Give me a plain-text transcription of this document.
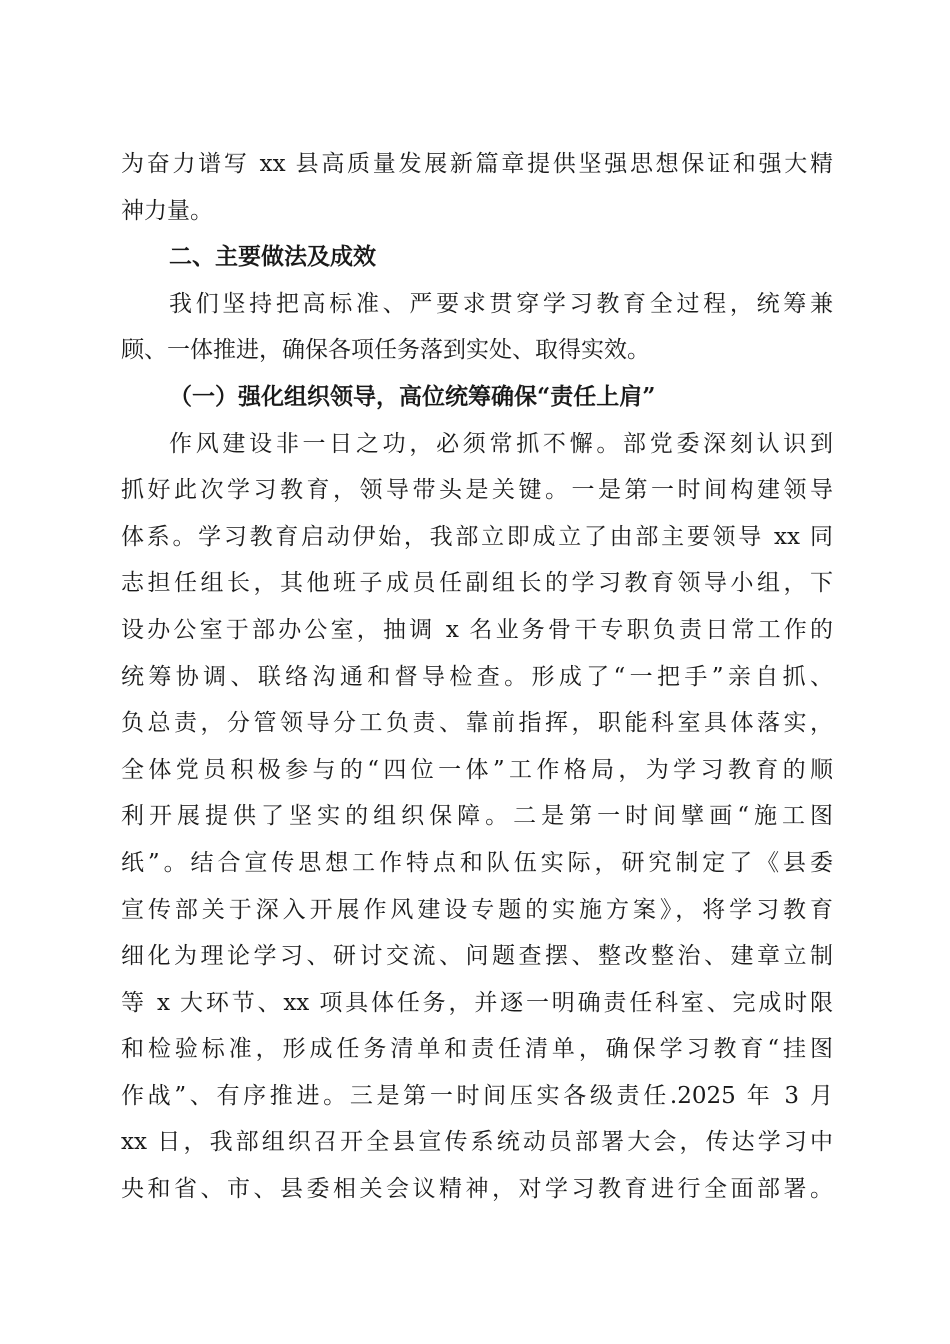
为奋力谱写 xx 县高质量发展新篇章提供坚强思想保证和强大精
神力量。
二、主要做法及成效
我们坚持把高标准、严要求贯穿学习教育全过程，统筹兼
顾、一体推进，确保各项任务落到实处、取得实效。
（一）强化组织领导，高位统筹确保“责任上肩”
作风建设非一日之功，必须常抓不懈。部党委深刻认识到
抓好此次学习教育，领导带头是关键。一是第一时间构建领导
体系。学习教育启动伊始，我部立即成立了由部主要领导 xx 同
志担任组长，其他班子成员任副组长的学习教育领导小组，下
设办公室于部办公室，抽调 x 名业务骨干专职负责日常工作的
统筹协调、联络沟通和督导检查。形成了“一把手”亲自抓、
负总责，分管领导分工负责、靠前指挥，职能科室具体落实，
全体党员积极参与的“四位一体”工作格局，为学习教育的顺
利开展提供了坚实的组织保障。二是第一时间擘画“施工图
纸”。结合宣传思想工作特点和队伍实际，研究制定了《县委
宣传部关于深入开展作风建设专题的实施方案》，将学习教育
细化为理论学习、研讨交流、问题查摆、整改整治、建章立制
等 x 大环节、xx 项具体任务，并逐一明确责任科室、完成时限
和检验标准，形成任务清单和责任清单，确保学习教育“挂图
作战”、有序推进。三是第一时间压实各级责任.2025 年 3 月
xx 日，我部组织召开全县宣传系统动员部署大会，传达学习中
央和省、市、县委相关会议精神，对学习教育进行全面部署。
